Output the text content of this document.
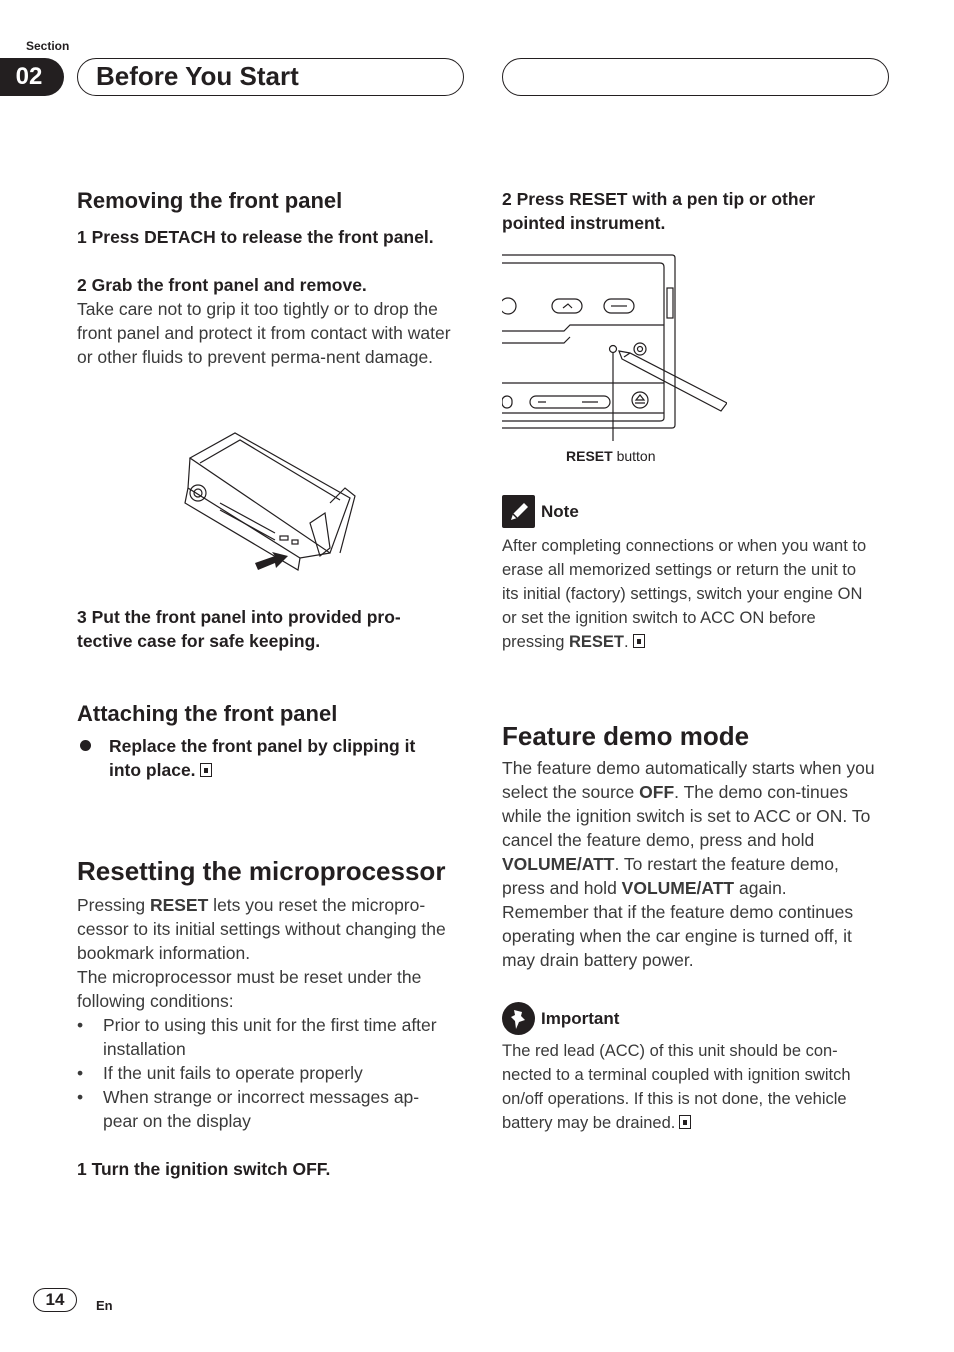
Section
02	Before You Start
Removing the front panel
1 Press DETACH to release the front panel.
2 Grab the front panel and remove.
Take care not to grip it too tightly or to drop the front panel and protect it from contact with water or other fluids to prevent perma-nent damage.
3 Put the front panel into provided pro-tective case for safe keeping.
Attaching the front panel
Replace the front panel by clipping it into place.
Resetting the microprocessor
Pressing RESET lets you reset the micropro-cessor to its initial settings without changing the bookmark information.
The microprocessor must be reset under the following conditions:
• Prior to using this unit for the first time after installation
• If the unit fails to operate properly
• When strange or incorrect messages ap-pear on the display
1 Turn the ignition switch OFF.
2 Press RESET with a pen tip or other pointed instrument.
RESET button
Note
After completing connections or when you want to erase all memorized settings or return the unit to its initial (factory) settings, switch your engine ON or set the ignition switch to ACC ON before pressing RESET.
Feature demo mode
The feature demo automatically starts when you select the source OFF. The demo con-tinues while the ignition switch is set to ACC or ON. To cancel the feature demo, press and hold VOLUME/ATT. To restart the feature demo, press and hold VOLUME/ATT again. Remember that if the feature demo continues operating when the car engine is turned off, it may drain battery power.
Important
The red lead (ACC) of this unit should be con-nected to a terminal coupled with ignition switch on/off operations. If this is not done, the vehicle battery may be drained.
14	En
